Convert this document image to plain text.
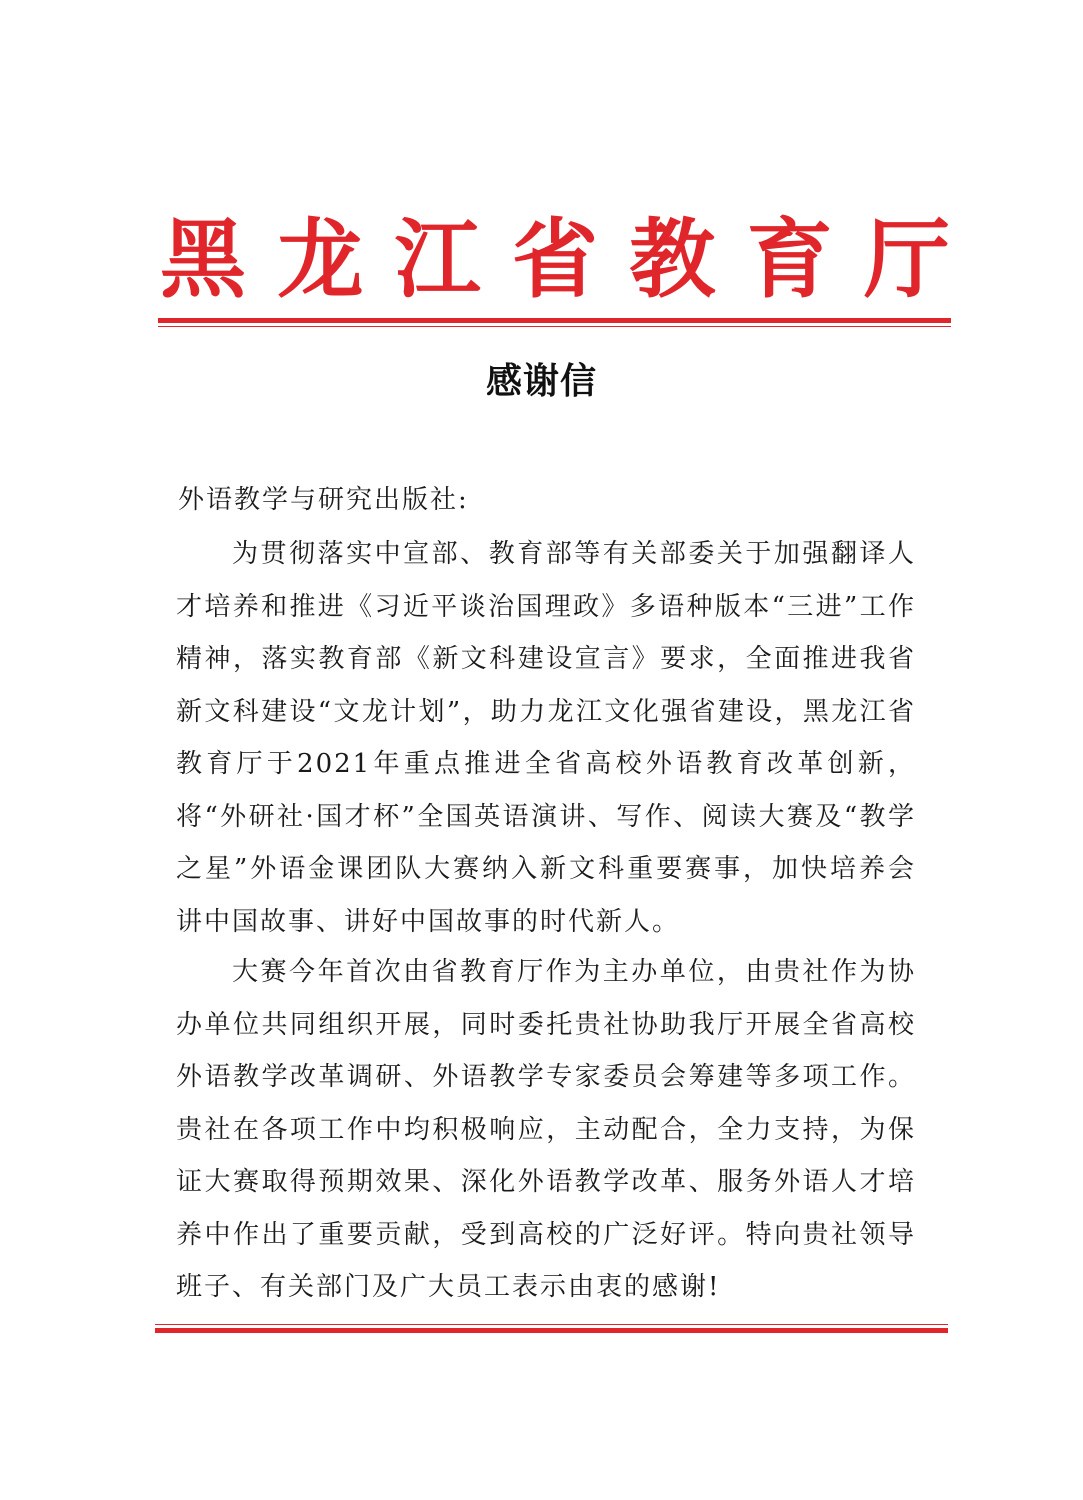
黑 龙 江 省 教 育 厅
感谢信
外语教学与研究出版社:

为贯彻落实中宣部、教育部等有关部委关于加强翻译人才培养和推进《习近平谈治国理政》多语种版本“三进”工作精神，落实教育部《新文科建设宣言》要求，全面推进我省新文科建设“文龙计划”，助力龙江文化强省建设，黑龙江省教育厅于2021年重点推进全省高校外语教育改革创新，将“外研社·国才杯”全国英语演讲、写作、阅读大赛及“教学之星”外语金课团队大赛纳入新文科重要赛事，加快培养会讲中国故事、讲好中国故事的时代新人。

大赛今年首次由省教育厅作为主办单位，由贵社作为协办单位共同组织开展，同时委托贵社协助我厅开展全省高校外语教学改革调研、外语教学专家委员会筹建等多项工作。贵社在各项工作中均积极响应，主动配合，全力支持，为保证大赛取得预期效果、深化外语教学改革、服务外语人才培养中作出了重要贡献，受到高校的广泛好评。特向贵社领导班子、有关部门及广大员工表示由衷的感谢!
